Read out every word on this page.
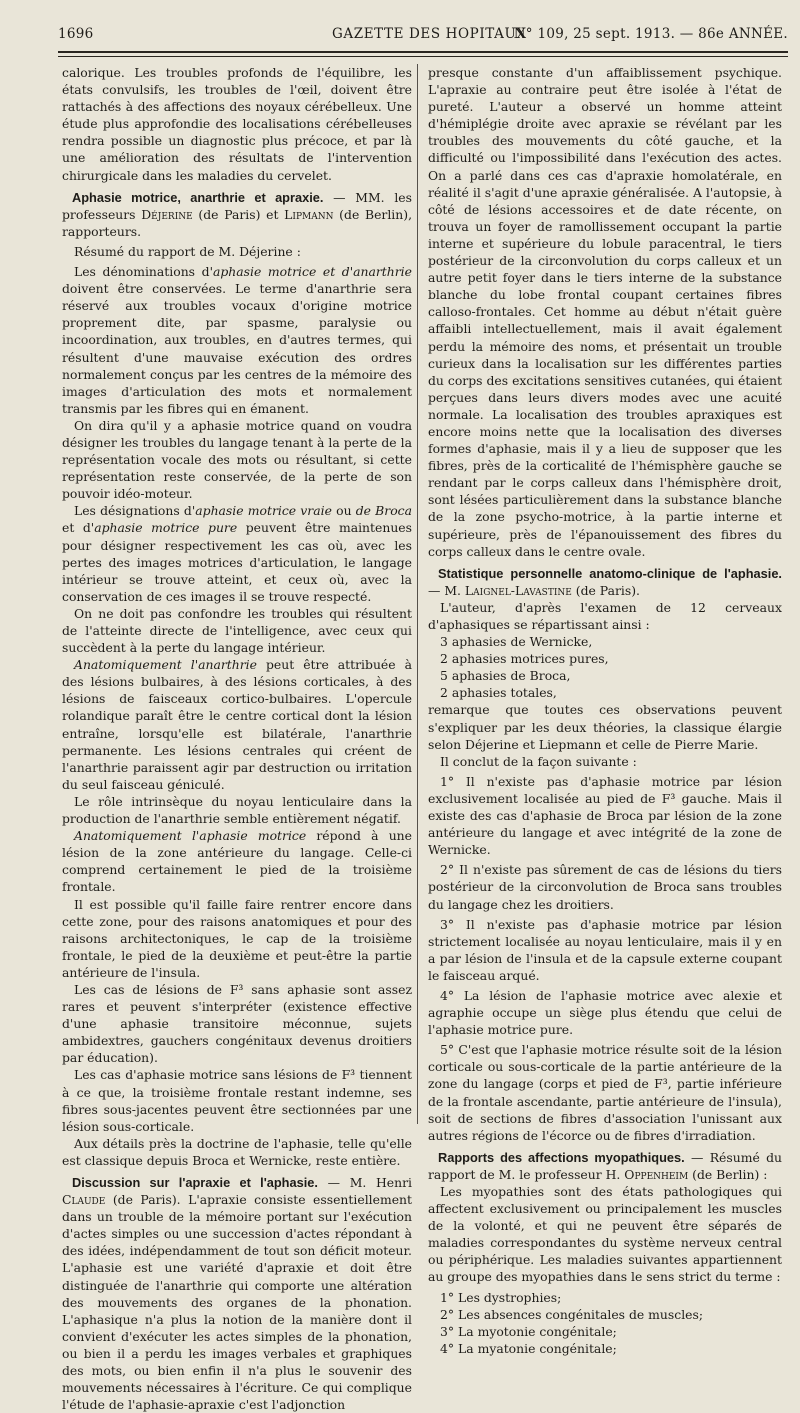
1696	GAZETTE DES HOPITAUX
N° 109, 25 sept. 1913. — 86e ANNÉE.

calorique. Les troubles profonds de l'équilibre, les états convulsifs, les troubles de l'œil, doivent être rattachés à des affections des noyaux cérébelleux. Une étude plus approfondie des localisations cérébelleuses rendra possible un diagnostic plus précoce, et par là une amélioration des résultats de l'intervention chirurgicale dans les maladies du cervelet.

Aphasie motrice, anarthrie et apraxie. — MM. les professeurs Déjerine (de Paris) et Lipmann (de Berlin), rapporteurs.

Résumé du rapport de M. Déjerine :

Les dénominations d'aphasie motrice et d'anarthrie doivent être conservées. Le terme d'anarthrie sera réservé aux troubles vocaux d'origine motrice proprement dite, par spasme, paralysie ou incoordination, aux troubles, en d'autres termes, qui résultent d'une mauvaise exécution des ordres normalement conçus par les centres de la mémoire des images d'articulation des mots et normalement transmis par les fibres qui en émanent.

On dira qu'il y a aphasie motrice quand on voudra désigner les troubles du langage tenant à la perte de la représentation vocale des mots ou résultant, si cette représentation reste conservée, de la perte de son pouvoir idéo-moteur.

Les désignations d'aphasie motrice vraie ou de Broca et d'aphasie motrice pure peuvent être maintenues pour désigner respectivement les cas où, avec les pertes des images motrices d'articulation, le langage intérieur se trouve atteint, et ceux où, avec la conservation de ces images il se trouve respecté.

On ne doit pas confondre les troubles qui résultent de l'atteinte directe de l'intelligence, avec ceux qui succèdent à la perte du langage intérieur.

Anatomiquement l'anarthrie peut être attribuée à des lésions bulbaires, à des lésions corticales, à des lésions de faisceaux cortico-bulbaires. L'opercule rolandique paraît être le centre cortical dont la lésion entraîne, lorsqu'elle est bilatérale, l'anarthrie permanente. Les lésions centrales qui créent de l'anarthrie paraissent agir par destruction ou irritation du seul faisceau géniculé.

Le rôle intrinsèque du noyau lenticulaire dans la production de l'anarthrie semble entièrement négatif.

Anatomiquement l'aphasie motrice répond à une lésion de la zone antérieure du langage. Celle-ci comprend certainement le pied de la troisième frontale.

Il est possible qu'il faille faire rentrer encore dans cette zone, pour des raisons anatomiques et pour des raisons architectoniques, le cap de la troisième frontale, le pied de la deuxième et peut-être la partie antérieure de l'insula.

Les cas de lésions de F³ sans aphasie sont assez rares et peuvent s'interpréter (existence effective d'une aphasie transitoire méconnue, sujets ambidextres, gauchers congénitaux devenus droitiers par éducation).

Les cas d'aphasie motrice sans lésions de F³ tiennent à ce que, la troisième frontale restant indemne, ses fibres sous-jacentes peuvent être sectionnées par une lésion sous-corticale.

Aux détails près la doctrine de l'aphasie, telle qu'elle est classique depuis Broca et Wernicke, reste entière.

Discussion sur l'apraxie et l'aphasie. — M. Henri Claude (de Paris). L'apraxie consiste essentiellement dans un trouble de la mémoire portant sur l'exécution d'actes simples ou une succession d'actes répondant à des idées, indépendamment de tout son déficit moteur. L'aphasie est une variété d'apraxie et doit être distinguée de l'anarthrie qui comporte une altération des mouvements des organes de la phonation. L'aphasique n'a plus la notion de la manière dont il convient d'exécuter les actes simples de la phonation, ou bien il a perdu les images verbales et graphiques des mots, ou bien enfin il n'a plus le souvenir des mouvements nécessaires à l'écriture. Ce qui complique l'étude de l'aphasie-apraxie c'est l'adjonction

presque constante d'un affaiblissement psychique. L'apraxie au contraire peut être isolée à l'état de pureté. L'auteur a observé un homme atteint d'hémiplégie droite avec apraxie se révélant par les troubles des mouvements du côté gauche, et la difficulté ou l'impossibilité dans l'exécution des actes. On a parlé dans ces cas d'apraxie homolatérale, en réalité il s'agit d'une apraxie généralisée. A l'autopsie, à côté de lésions accessoires et de date récente, on trouva un foyer de ramollissement occupant la partie interne et supérieure du lobule paracentral, le tiers postérieur de la circonvolution du corps calleux et un autre petit foyer dans le tiers interne de la substance blanche du lobe frontal coupant certaines fibres calloso-frontales. Cet homme au début n'était guère affaibli intellectuellement, mais il avait également perdu la mémoire des noms, et présentait un trouble curieux dans la localisation sur les différentes parties du corps des excitations sensitives cutanées, qui étaient perçues dans leurs divers modes avec une acuité normale. La localisation des troubles apraxiques est encore moins nette que la localisation des diverses formes d'aphasie, mais il y a lieu de supposer que les fibres, près de la corticalité de l'hémisphère gauche se rendant par le corps calleux dans l'hémisphère droit, sont lésées particulièrement dans la substance blanche de la zone psycho-motrice, à la partie interne et supérieure, près de l'épanouissement des fibres du corps calleux dans le centre ovale.

Statistique personnelle anatomo-clinique de l'aphasie. — M. Laignel-Lavastine (de Paris).

L'auteur, d'après l'examen de 12 cerveaux d'aphasiques se répartissant ainsi :

3 aphasies de Wernicke,

2 aphasies motrices pures,

5 aphasies de Broca,

2 aphasies totales,

remarque que toutes ces observations peuvent s'expliquer par les deux théories, la classique élargie selon Déjerine et Liepmann et celle de Pierre Marie.

Il conclut de la façon suivante :

1° Il n'existe pas d'aphasie motrice par lésion exclusivement localisée au pied de F³ gauche. Mais il existe des cas d'aphasie de Broca par lésion de la zone antérieure du langage et avec intégrité de la zone de Wernicke.

2° Il n'existe pas sûrement de cas de lésions du tiers postérieur de la circonvolution de Broca sans troubles du langage chez les droitiers.

3° Il n'existe pas d'aphasie motrice par lésion strictement localisée au noyau lenticulaire, mais il y en a par lésion de l'insula et de la capsule externe coupant le faisceau arqué.

4° La lésion de l'aphasie motrice avec alexie et agraphie occupe un siège plus étendu que celui de l'aphasie motrice pure.

5° C'est que l'aphasie motrice résulte soit de la lésion corticale ou sous-corticale de la partie antérieure de la zone du langage (corps et pied de F³, partie inférieure de la frontale ascendante, partie antérieure de l'insula), soit de sections de fibres d'association l'unissant aux autres régions de l'écorce ou de fibres d'irradiation.

Rapports des affections myopathiques. — Résumé du rapport de M. le professeur H. Oppenheim (de Berlin) :

Les myopathies sont des états pathologiques qui affectent exclusivement ou principalement les muscles de la volonté, et qui ne peuvent être séparés de maladies correspondantes du système nerveux central ou périphérique. Les maladies suivantes appartiennent au groupe des myopathies dans le sens strict du terme :

1° Les dystrophies;

2° Les absences congénitales de muscles;

3° La myotonie congénitale;

4° La myatonie congénitale;
